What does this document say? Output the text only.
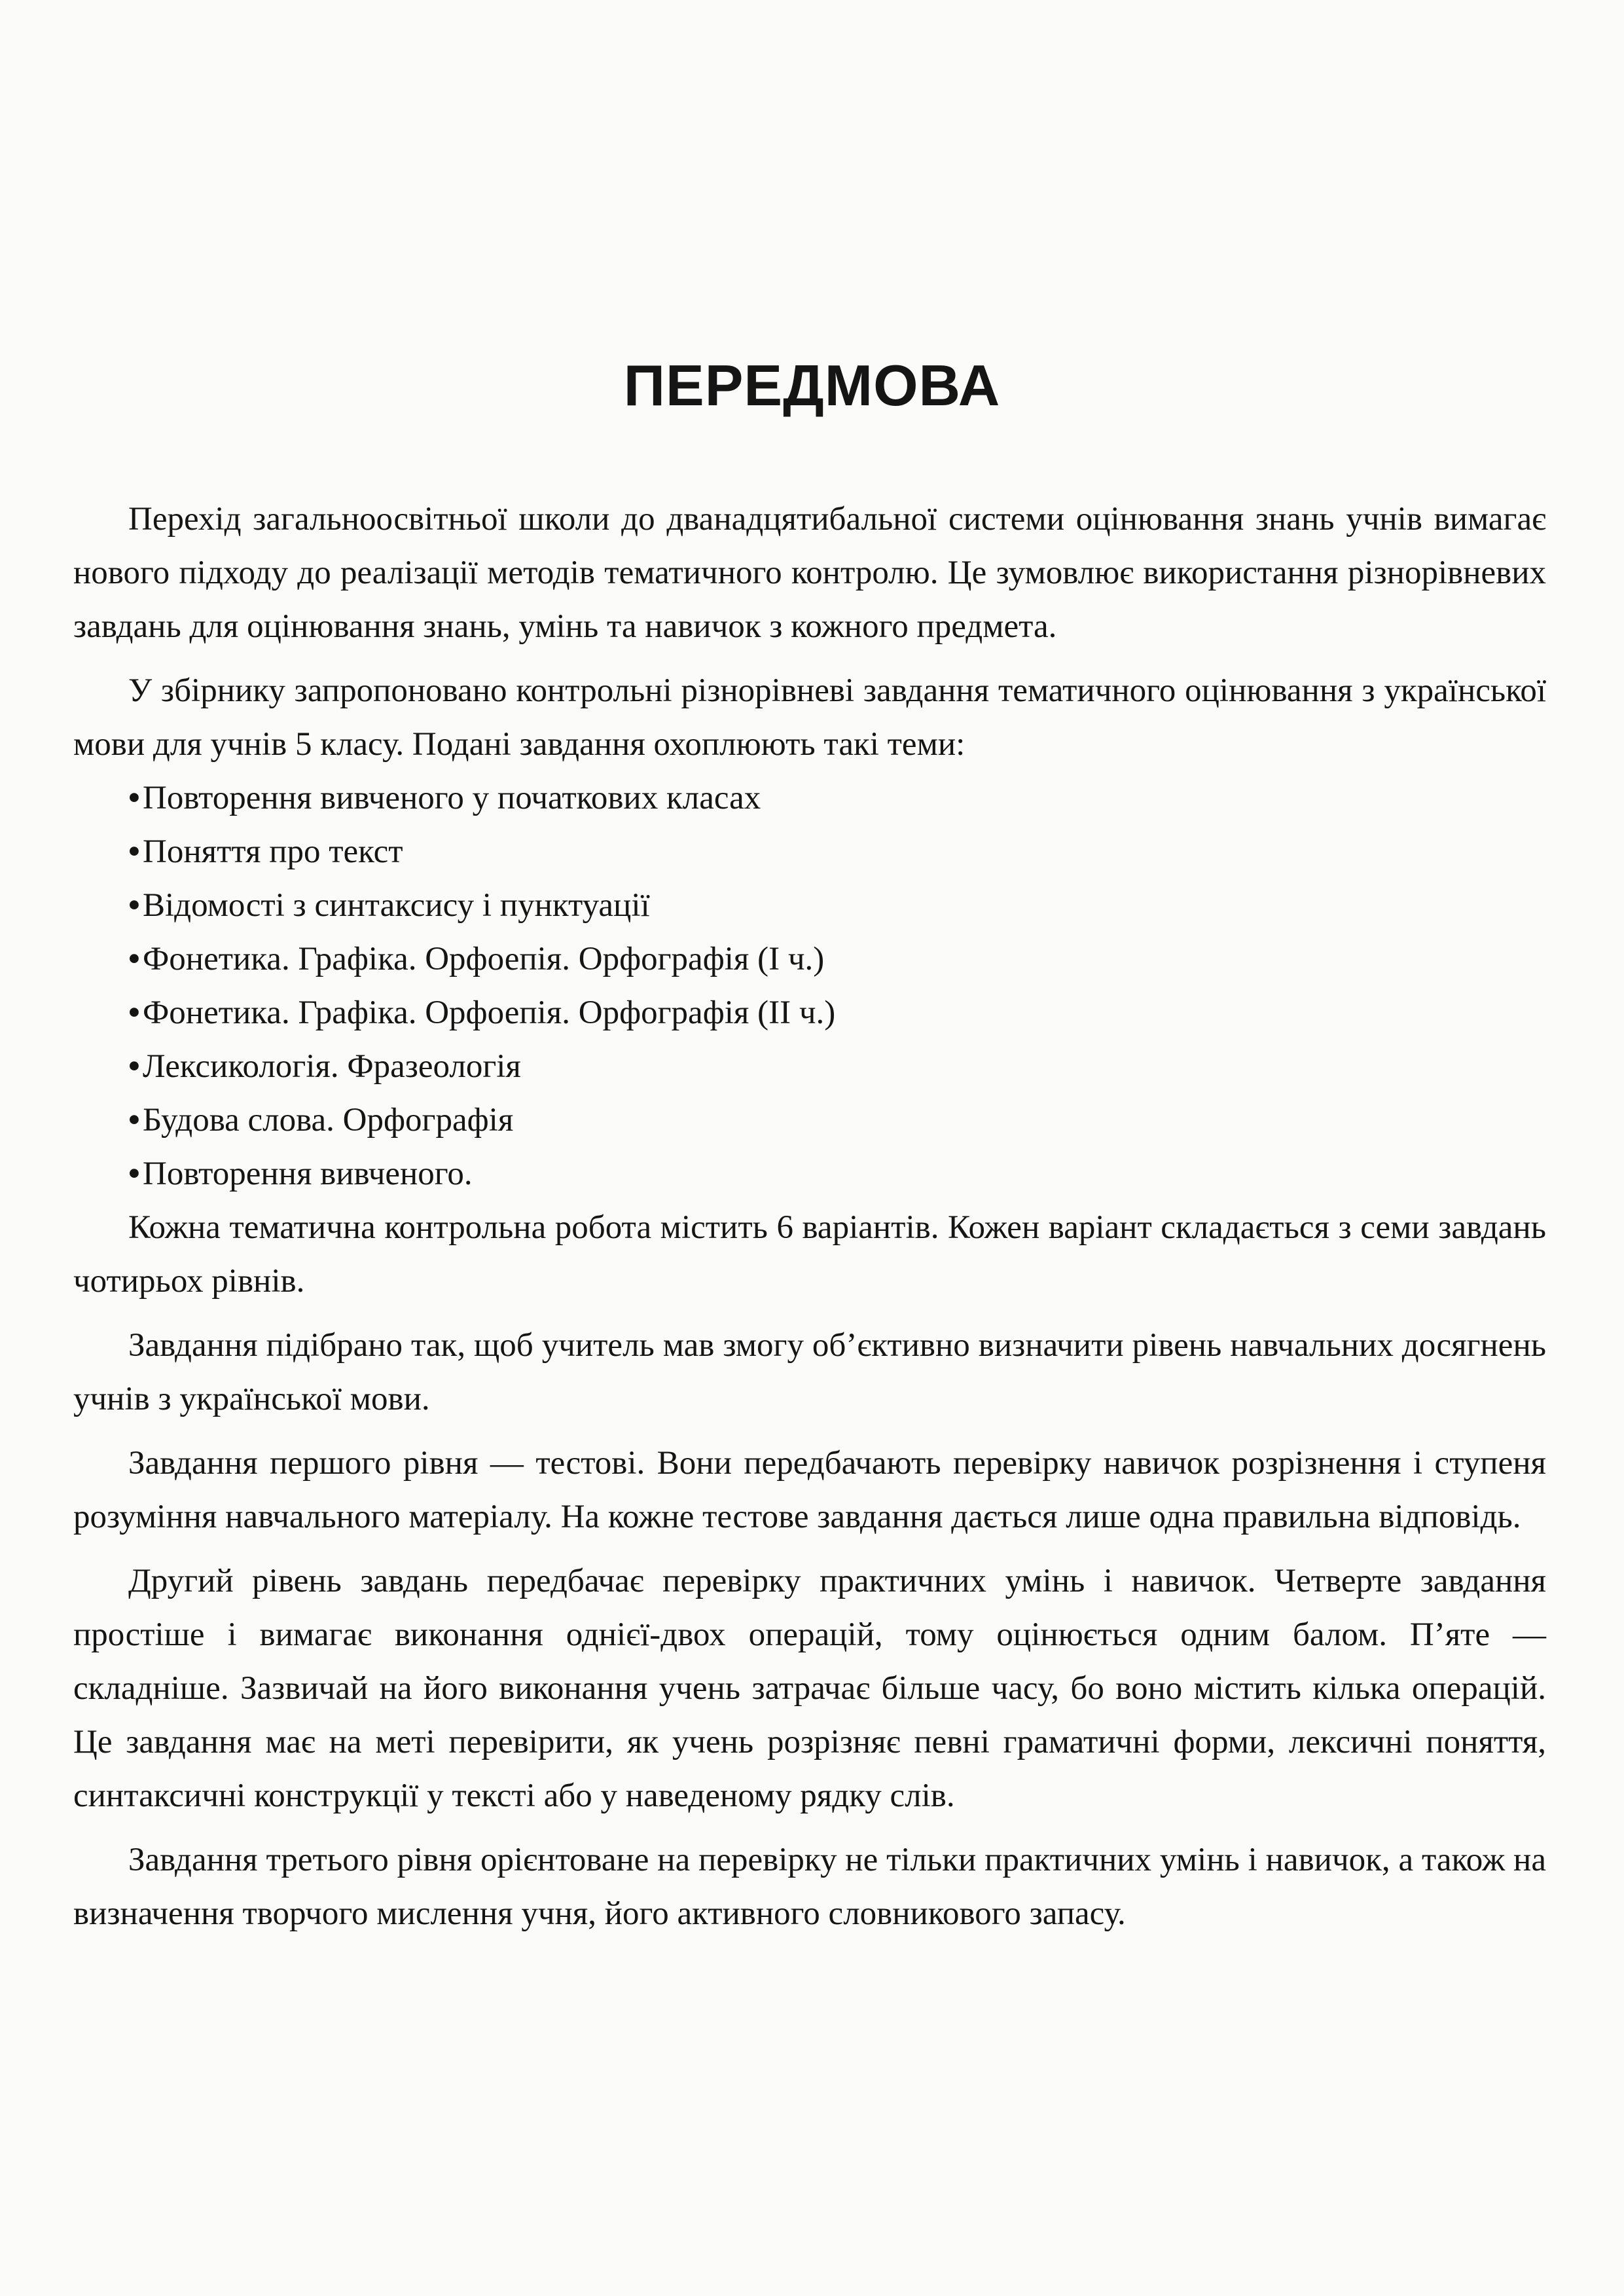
ПЕРЕДМОВА

Перехід загальноосвітньої школи до дванадцятибальної системи оцінювання знань учнів вимагає нового підходу до реалізації методів тематичного контролю. Це зумовлює використання різнорівневих завдань для оцінювання знань, умінь та навичок з кожного предмета.

У збірнику запропоновано контрольні різнорівневі завдання тематичного оцінювання з української мови для учнів 5 класу. Подані завдання охоплюють такі теми:

• Повторення вивченого у початкових класах
• Поняття про текст
• Відомості з синтаксису і пунктуації
• Фонетика. Графіка. Орфоепія. Орфографія (І ч.)
• Фонетика. Графіка. Орфоепія. Орфографія (ІІ ч.)
• Лексикологія. Фразеологія
• Будова слова. Орфографія
• Повторення вивченого.

Кожна тематична контрольна робота містить 6 варіантів. Кожен варіант складається з семи завдань чотирьох рівнів.

Завдання підібрано так, щоб учитель мав змогу об’єктивно визначити рівень навчальних досягнень учнів з української мови.

Завдання першого рівня — тестові. Вони передбачають перевірку навичок розрізнення і ступеня розуміння навчального матеріалу. На кожне тестове завдання дається лише одна правильна відповідь.

Другий рівень завдань передбачає перевірку практичних умінь і навичок. Четверте завдання простіше і вимагає виконання однієї-двох операцій, тому оцінюється одним балом. П’яте — складніше. Зазвичай на його виконання учень затрачає більше часу, бо воно містить кілька операцій. Це завдання має на меті перевірити, як учень розрізняє певні граматичні форми, лексичні поняття, синтаксичні конструкції у тексті або у наведеному рядку слів.

Завдання третього рівня орієнтоване на перевірку не тільки практичних умінь і навичок, а також на визначення творчого мислення учня, його активного словникового запасу.
